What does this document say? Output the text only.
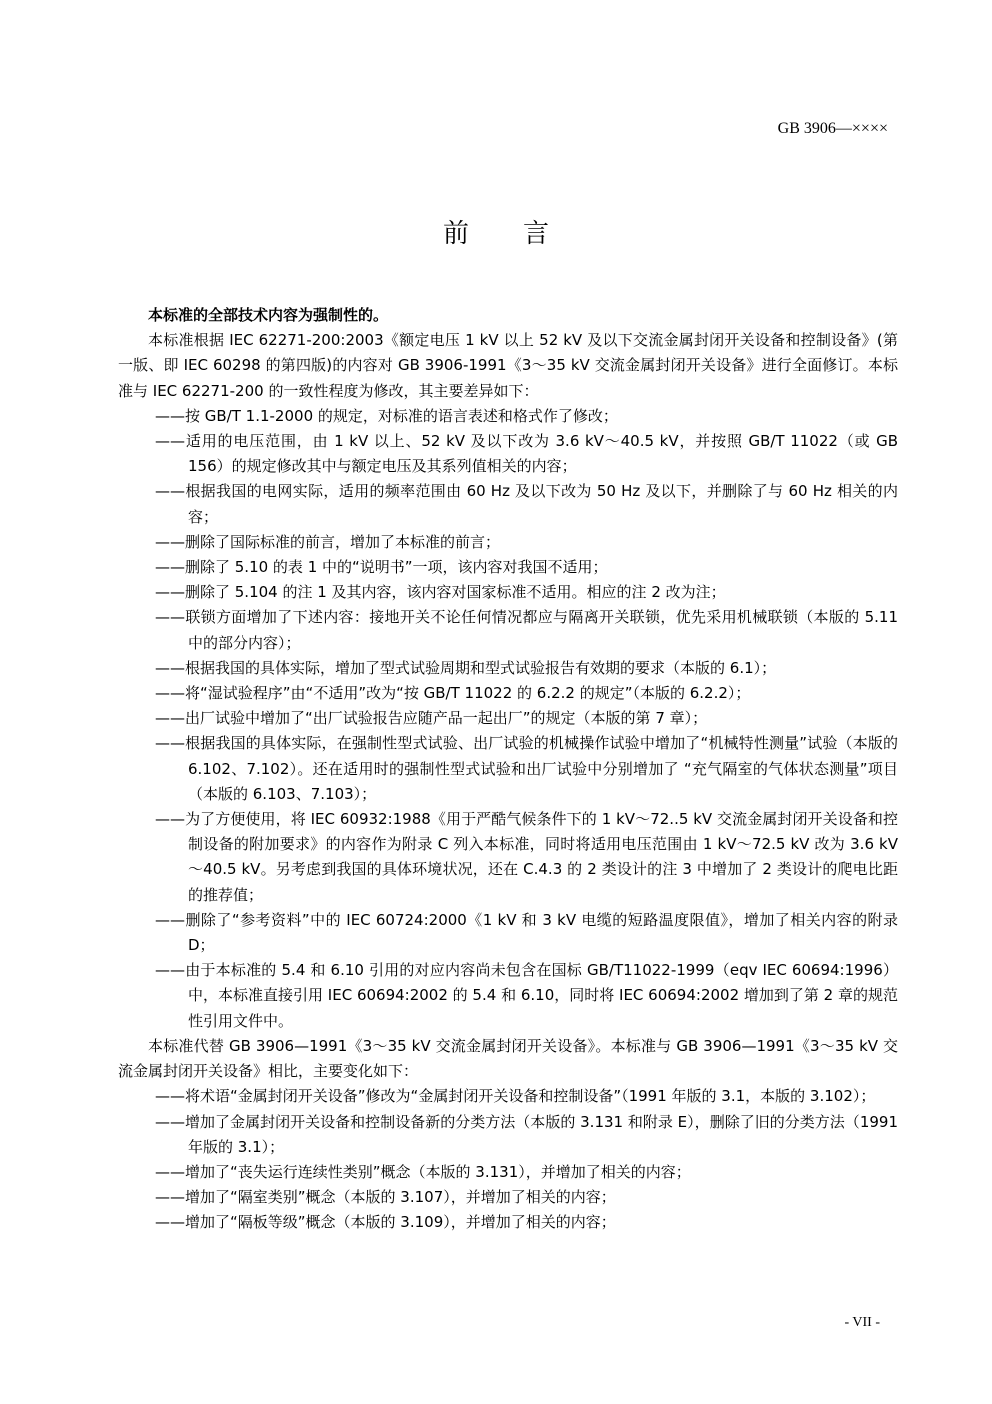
GB 3906—××××
前言

本标准的全部技术内容为强制性的。

本标准根据 IEC 62271-200:2003《额定电压 1 kV 以上 52 kV 及以下交流金属封闭开关设备和控制设备》(第一版、即 IEC 60298 的第四版)的内容对 GB 3906-1991《3～35 kV 交流金属封闭开关设备》进行全面修订。本标准与 IEC 62271-200 的一致性程度为修改，其主要差异如下：

——按 GB/T 1.1-2000 的规定，对标准的语言表述和格式作了修改；

——适用的电压范围，由 1 kV 以上、52 kV 及以下改为 3.6 kV～40.5 kV，并按照 GB/T 11022（或 GB 156）的规定修改其中与额定电压及其系列值相关的内容；

——根据我国的电网实际，适用的频率范围由 60 Hz 及以下改为 50 Hz 及以下，并删除了与 60 Hz 相关的内容；

——删除了国际标准的前言，增加了本标准的前言；

——删除了 5.10 的表 1 中的“说明书”一项，该内容对我国不适用；

——删除了 5.104 的注 1 及其内容，该内容对国家标准不适用。相应的注 2 改为注；

——联锁方面增加了下述内容：接地开关不论任何情况都应与隔离开关联锁，优先采用机械联锁（本版的 5.11 中的部分内容）；

——根据我国的具体实际，增加了型式试验周期和型式试验报告有效期的要求（本版的 6.1）；

——将“湿试验程序”由“不适用”改为“按 GB/T 11022 的 6.2.2 的规定”（本版的 6.2.2）；

——出厂试验中增加了“出厂试验报告应随产品一起出厂”的规定（本版的第 7 章）；

——根据我国的具体实际，在强制性型式试验、出厂试验的机械操作试验中增加了“机械特性测量”试验（本版的 6.102、7.102）。还在适用时的强制性型式试验和出厂试验中分别增加了 “充气隔室的气体状态测量”项目（本版的 6.103、7.103）；

——为了方便使用，将 IEC 60932:1988《用于严酷气候条件下的 1 kV～72..5 kV 交流金属封闭开关设备和控制设备的附加要求》的内容作为附录 C 列入本标准，同时将适用电压范围由 1 kV～72.5 kV 改为 3.6 kV～40.5 kV。另考虑到我国的具体环境状况，还在 C.4.3 的 2 类设计的注 3 中增加了 2 类设计的爬电比距的推荐值；

——删除了“参考资料”中的 IEC 60724:2000《1 kV 和 3 kV 电缆的短路温度限值》，增加了相关内容的附录 D；

——由于本标准的 5.4 和 6.10 引用的对应内容尚未包含在国标 GB/T11022-1999（eqv IEC 60694:1996）中，本标准直接引用 IEC 60694:2002 的 5.4 和 6.10，同时将 IEC 60694:2002 增加到了第 2 章的规范性引用文件中。

本标准代替 GB 3906—1991《3～35 kV 交流金属封闭开关设备》。本标准与 GB 3906—1991《3～35 kV 交流金属封闭开关设备》相比，主要变化如下：

——将术语“金属封闭开关设备”修改为“金属封闭开关设备和控制设备”（1991 年版的 3.1，本版的 3.102）；

——增加了金属封闭开关设备和控制设备新的分类方法（本版的 3.131 和附录 E），删除了旧的分类方法（1991 年版的 3.1）；

——增加了“丧失运行连续性类别”概念（本版的 3.131），并增加了相关的内容；

——增加了“隔室类别”概念（本版的 3.107），并增加了相关的内容；

——增加了“隔板等级”概念（本版的 3.109），并增加了相关的内容；

- VII -
